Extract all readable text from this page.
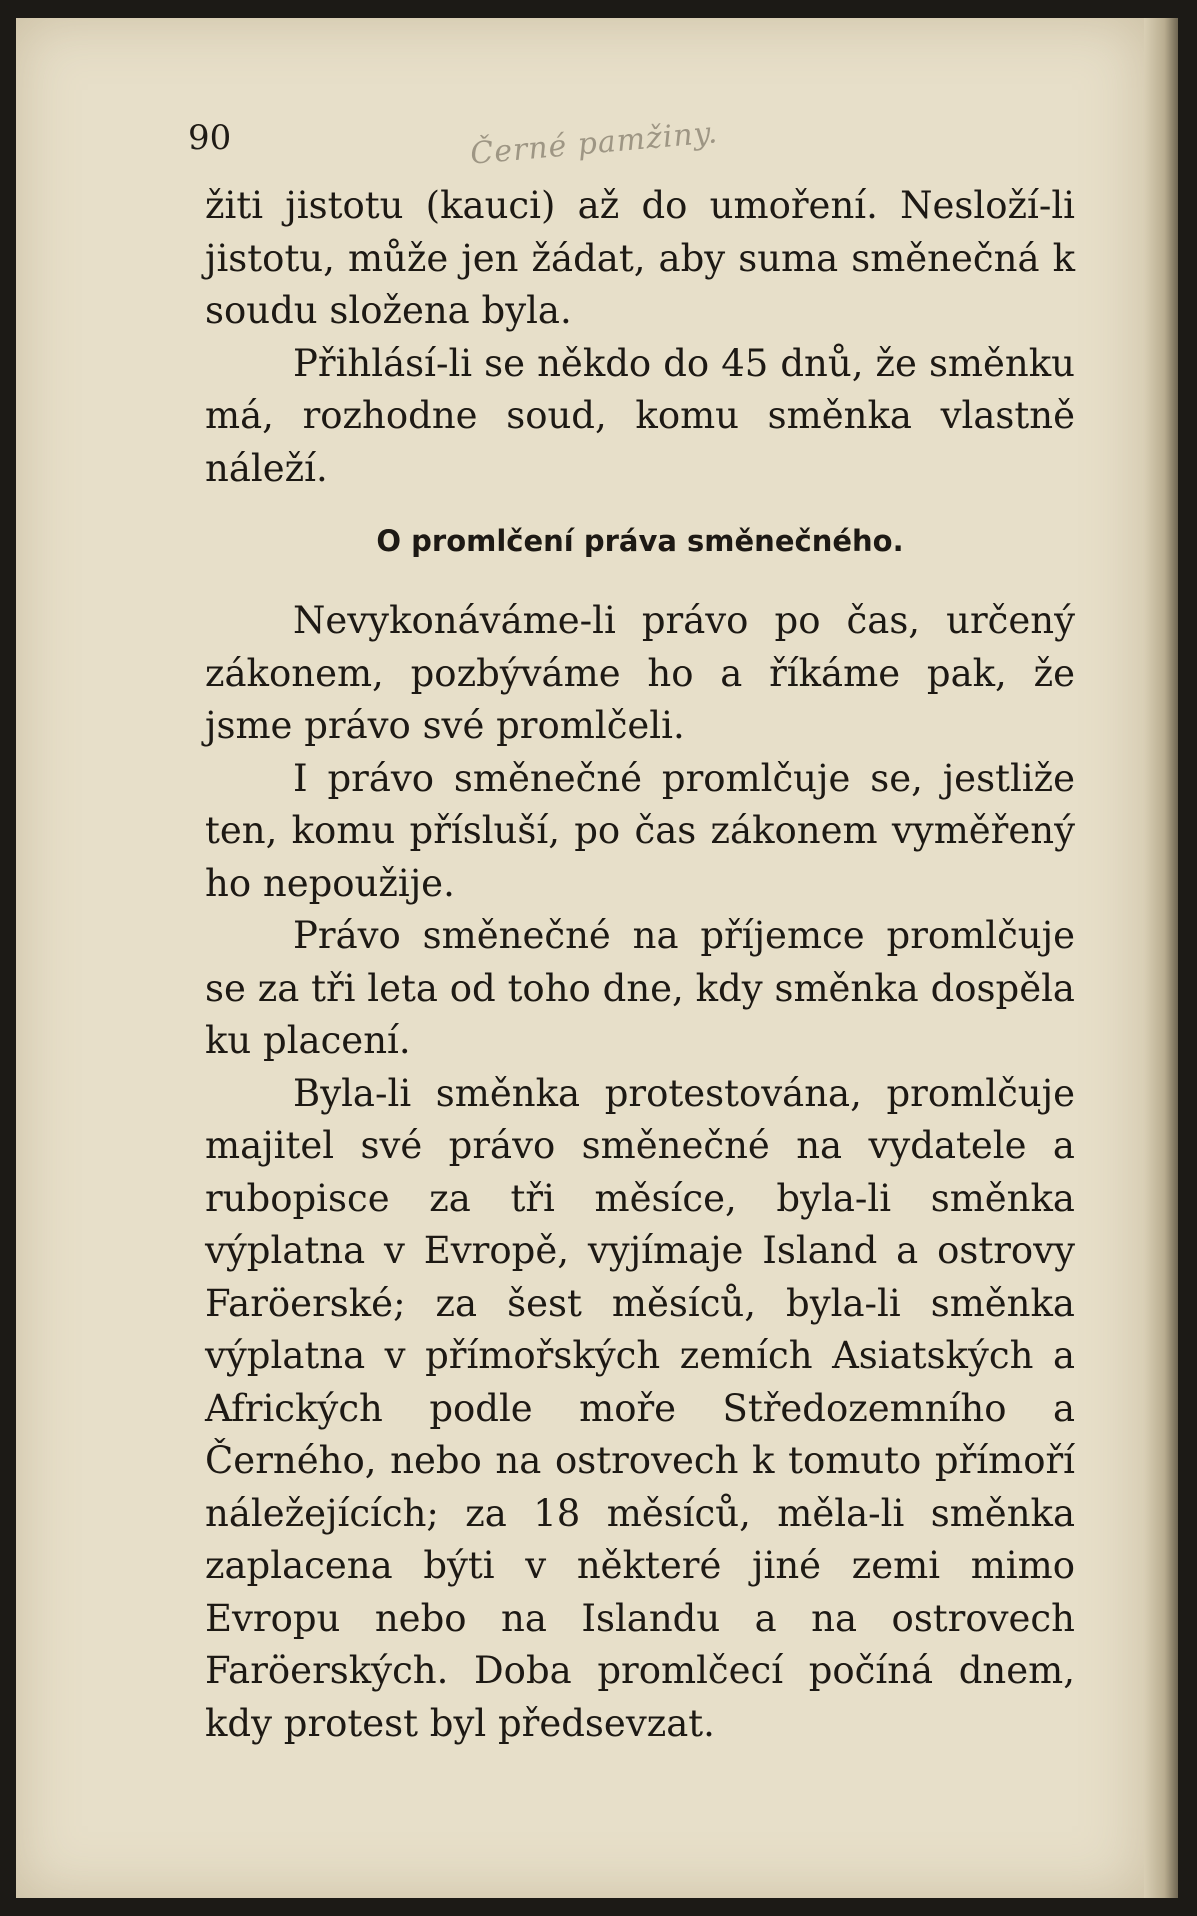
90	Černé pamžiny.

žiti jistotu (kauci) až do umoření. Nesloží-li jistotu, může jen žádat, aby suma směnečná k soudu složena byla.

Přihlásí-li se někdo do 45 dnů, že směnku má, rozhodne soud, komu směnka vlastně náleží.

O promlčení práva směnečného.

Nevykonáváme-li právo po čas, určený zákonem, pozbýváme ho a říkáme pak, že jsme právo své promlčeli.

I právo směnečné promlčuje se, jestliže ten, komu přísluší, po čas zákonem vyměřený ho nepoužije.

Právo směnečné na příjemce promlčuje se za tři leta od toho dne, kdy směnka dospěla ku placení.

Byla-li směnka protestována, promlčuje majitel své právo směnečné na vydatele a rubopisce za tři měsíce, byla-li směnka výplatna v Evropě, vyjímaje Island a ostrovy Faröerské; za šest měsíců, byla-li směnka výplatna v přímořských zemích Asiatských a Afrických podle moře Středozemního a Černého, nebo na ostrovech k tomuto přímoří náležejících; za 18 měsíců, měla-li směnka zaplacena býti v některé jiné zemi mimo Evropu nebo na Islandu a na ostrovech Faröerských. Doba promlčecí počíná dnem, kdy protest byl předsevzat.
